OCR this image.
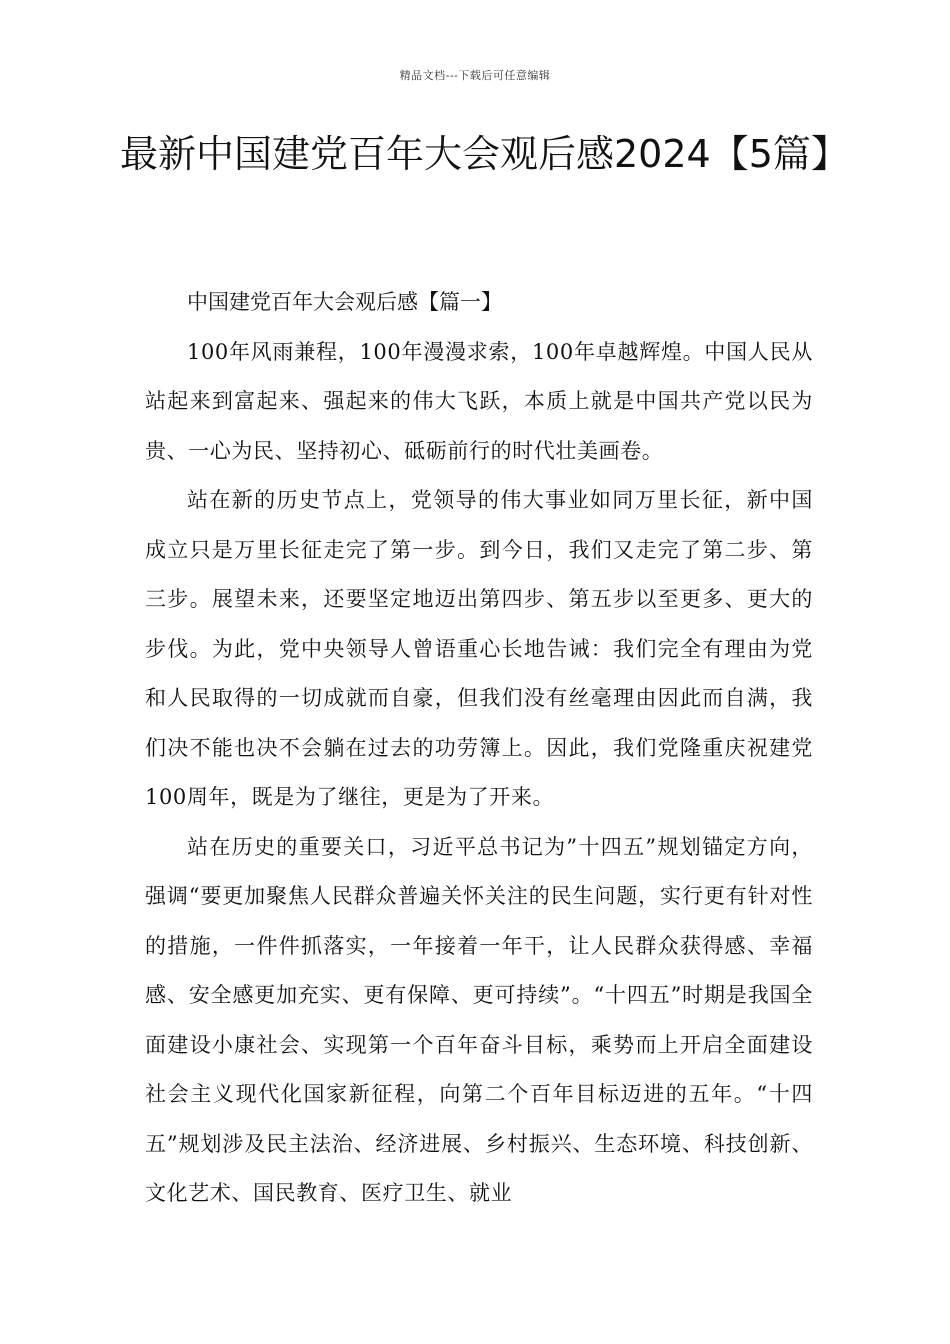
精品文档---下载后可任意编辑
最新中国建党百年大会观后感2024【5篇】
中国建党百年大会观后感【篇一】

100年风雨兼程，100年漫漫求索，100年卓越辉煌。中国人民从站起来到富起来、强起来的伟大飞跃，本质上就是中国共产党以民为贵、一心为民、坚持初心、砥砺前行的时代壮美画卷。

站在新的历史节点上，党领导的伟大事业如同万里长征，新中国成立只是万里长征走完了第一步。到今日，我们又走完了第二步、第三步。展望未来，还要坚定地迈出第四步、第五步以至更多、更大的步伐。为此，党中央领导人曾语重心长地告诫：我们完全有理由为党和人民取得的一切成就而自豪，但我们没有丝毫理由因此而自满，我们决不能也决不会躺在过去的功劳簿上。因此，我们党隆重庆祝建党100周年，既是为了继往，更是为了开来。

站在历史的重要关口，习近平总书记为”十四五”规划锚定方向，强调“要更加聚焦人民群众普遍关怀关注的民生问题，实行更有针对性的措施，一件件抓落实，一年接着一年干，让人民群众获得感、幸福感、安全感更加充实、更有保障、更可持续”。“十四五”时期是我国全面建设小康社会、实现第一个百年奋斗目标，乘势而上开启全面建设社会主义现代化国家新征程，向第二个百年目标迈进的五年。“十四五”规划涉及民主法治、经济进展、乡村振兴、生态环境、科技创新、文化艺术、国民教育、医疗卫生、就业
